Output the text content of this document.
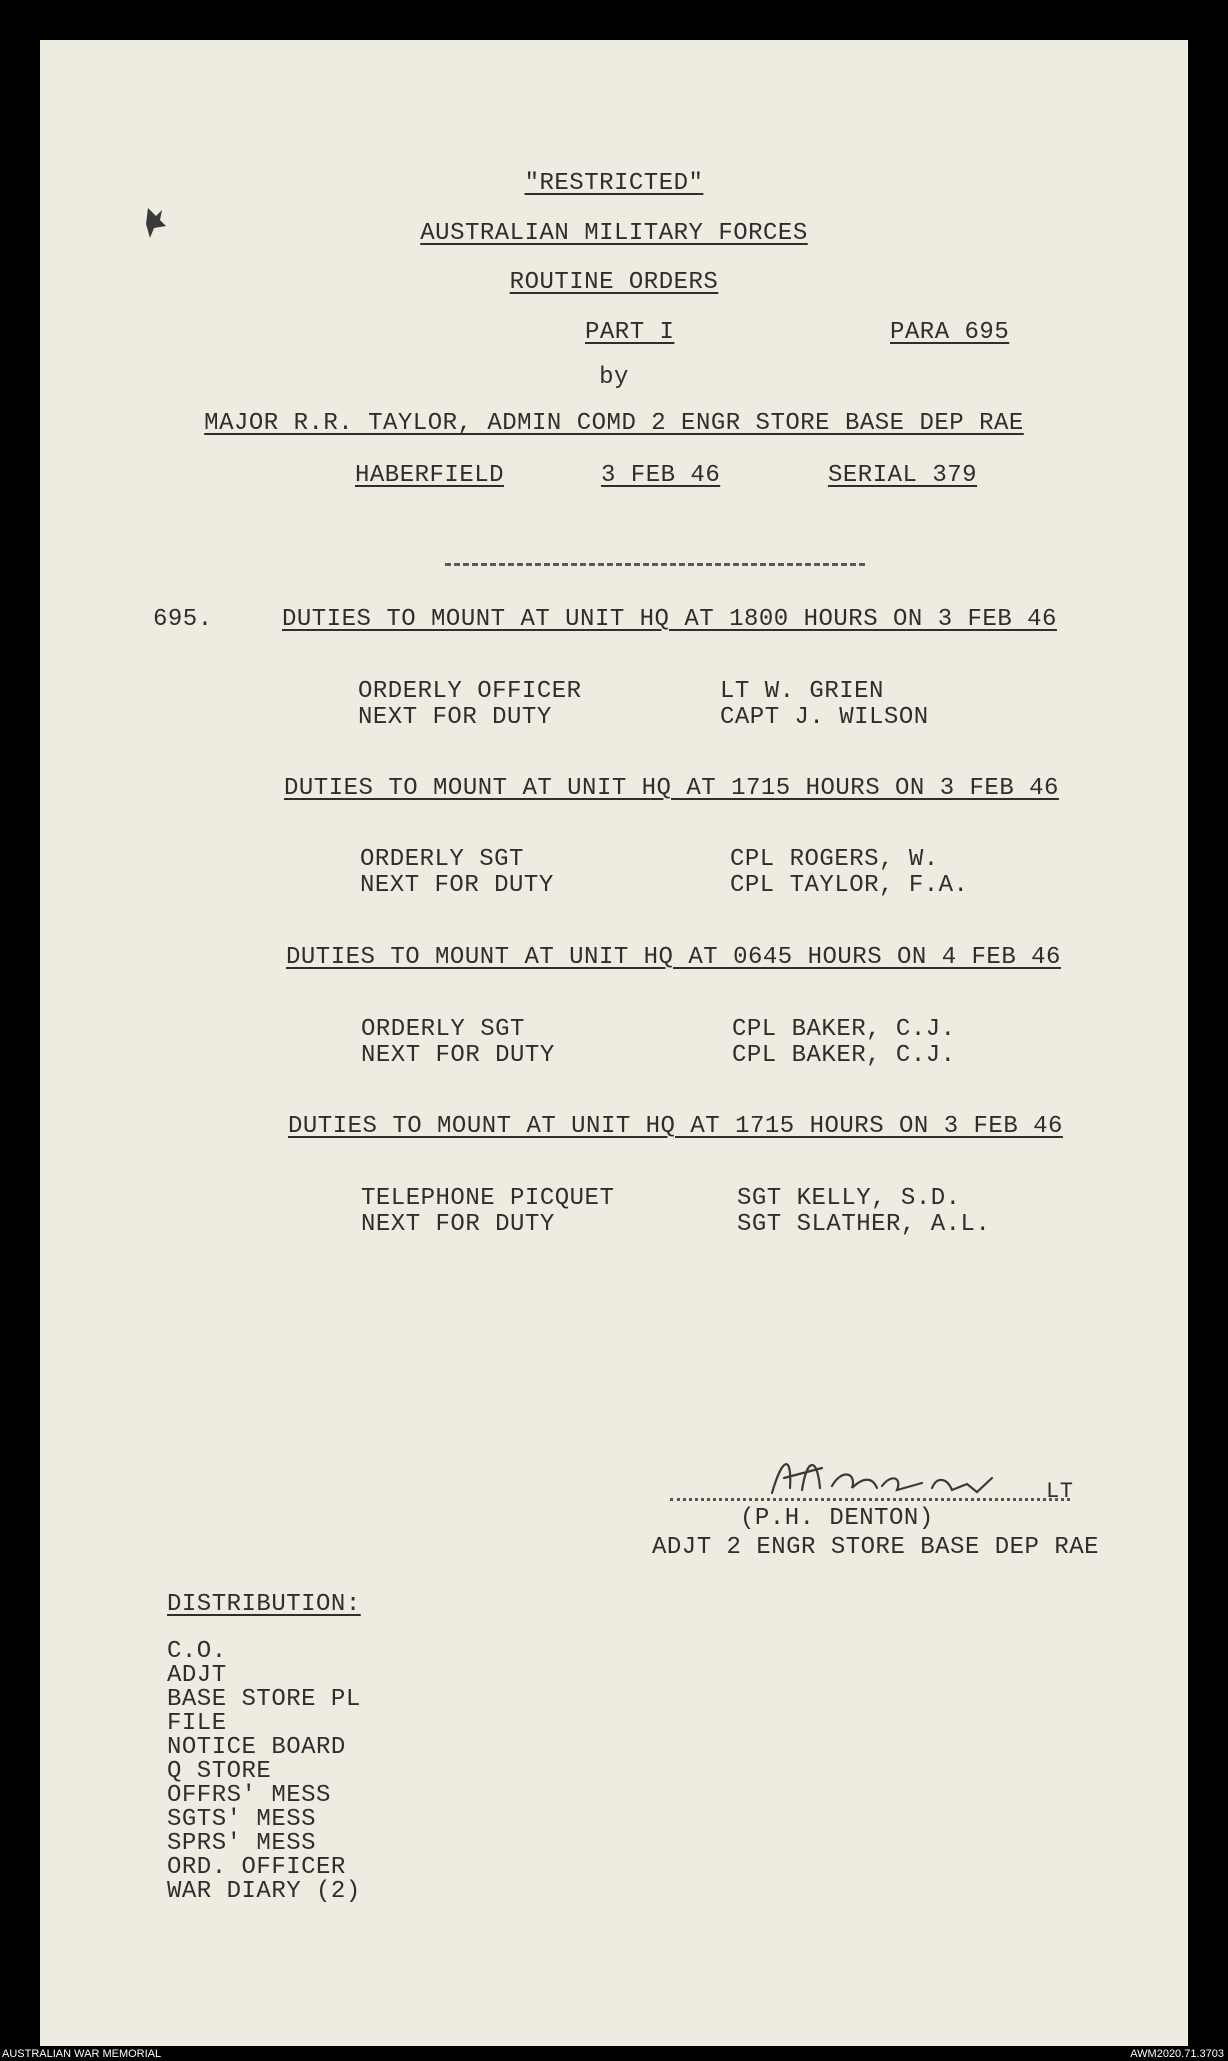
"RESTRICTED"
AUSTRALIAN MILITARY FORCES
ROUTINE ORDERS
PART I	PARA 695
by
MAJOR R.R. TAYLOR, ADMIN COMD 2 ENGR STORE BASE DEP RAE
HABERFIELD	3 FEB 46	SERIAL 379
695.	DUTIES TO MOUNT AT UNIT HQ AT 1800 HOURS ON 3 FEB 46
ORDERLY OFFICER	LT W. GRIEN
NEXT FOR DUTY	CAPT J. WILSON
DUTIES TO MOUNT AT UNIT HQ AT 1715 HOURS ON 3 FEB 46
ORDERLY SGT	CPL ROGERS, W.
NEXT FOR DUTY	CPL TAYLOR, F.A.
DUTIES TO MOUNT AT UNIT HQ AT 0645 HOURS ON 4 FEB 46
ORDERLY SGT	CPL BAKER, C.J.
NEXT FOR DUTY	CPL BAKER, C.J.
DUTIES TO MOUNT AT UNIT HQ AT 1715 HOURS ON 3 FEB 46
TELEPHONE PICQUET	SGT KELLY, S.D.
NEXT FOR DUTY	SGT SLATHER, A.L.
LT
(P.H. DENTON)
ADJT 2 ENGR STORE BASE DEP RAE
DISTRIBUTION:
C.O.
ADJT
BASE STORE PL
FILE
NOTICE BOARD
Q STORE
OFFRS' MESS
SGTS' MESS
SPRS' MESS
ORD. OFFICER
WAR DIARY (2)
AUSTRALIAN WAR MEMORIAL	AWM2020.71.3703
